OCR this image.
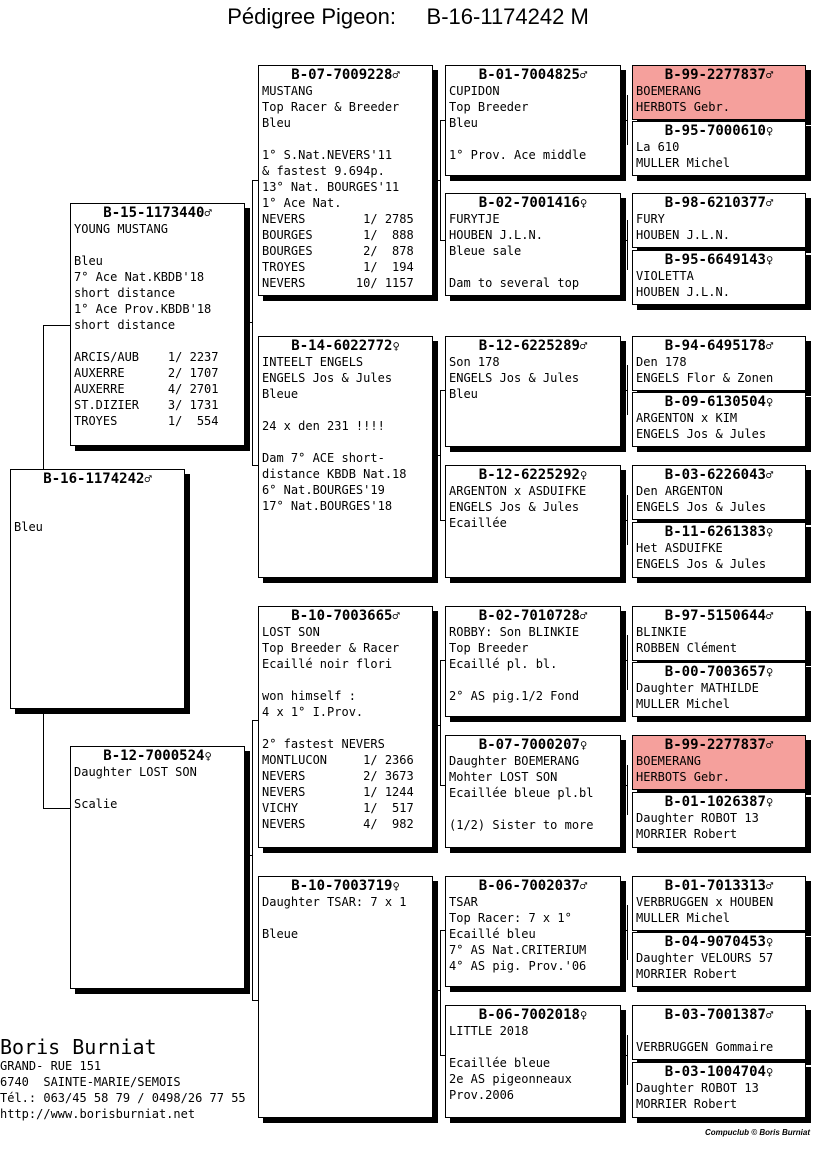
Pédigree Pigeon:     B-16-1174242 M
B-16-1174242♂
Bleu
B-15-1173440♂
YOUNG MUSTANG
Bleu
7° Ace Nat.KBDB'18
short distance
1° Ace Prov.KBDB'18
short distance
ARCIS/AUB    1/ 2237
AUXERRE      2/ 1707
AUXERRE      4/ 2701
ST.DIZIER    3/ 1731
TROYES       1/  554
B-12-7000524♀
Daughter LOST SON
Scalie
B-07-7009228♂
MUSTANG
Top Racer & Breeder
Bleu
1° S.Nat.NEVERS'11
& fastest 9.694p.
13° Nat. BOURGES'11
1° Ace Nat.
NEVERS        1/ 2785
BOURGES       1/  888
BOURGES       2/  878
TROYES        1/  194
NEVERS       10/ 1157
B-14-6022772♀
INTEELT ENGELS
ENGELS Jos & Jules
Bleue
24 x den 231 !!!!
Dam 7° ACE short-
distance KBDB Nat.18
6° Nat.BOURGES'19
17° Nat.BOURGES'18
B-10-7003665♂
LOST SON
Top Breeder & Racer
Ecaillé noir flori
won himself :
4 x 1° I.Prov.
2° fastest NEVERS
MONTLUCON     1/ 2366
NEVERS        2/ 3673
NEVERS        1/ 1244
VICHY         1/  517
NEVERS        4/  982
B-10-7003719♀
Daughter TSAR: 7 x 1
Bleue
B-01-7004825♂
CUPIDON
Top Breeder
Bleu
1° Prov. Ace middle
B-02-7001416♀
FURYTJE
HOUBEN J.L.N.
Bleue sale
Dam to several top
B-12-6225289♂
Son 178
ENGELS Jos & Jules
Bleu
B-12-6225292♀
ARGENTON x ASDUIFKE
ENGELS Jos & Jules
Ecaillée
B-02-7010728♂
ROBBY: Son BLINKIE
Top Breeder
Ecaillé pl. bl.
2° AS pig.1/2 Fond
B-07-7000207♀
Daughter BOEMERANG
Mohter LOST SON
Ecaillée bleue pl.bl
(1/2) Sister to more
B-06-7002037♂
TSAR
Top Racer: 7 x 1°
Ecaillé bleu
7° AS Nat.CRITERIUM
4° AS pig. Prov.'06
B-06-7002018♀
LITTLE 2018
Ecaillée bleue
2e AS pigeonneaux
Prov.2006
B-99-2277837♂
BOEMERANG
HERBOTS Gebr.
B-95-7000610♀
La 610
MULLER Michel
B-98-6210377♂
FURY
HOUBEN J.L.N.
B-95-6649143♀
VIOLETTA
HOUBEN J.L.N.
B-94-6495178♂
Den 178
ENGELS Flor & Zonen
B-09-6130504♀
ARGENTON x KIM
ENGELS Jos & Jules
B-03-6226043♂
Den ARGENTON
ENGELS Jos & Jules
B-11-6261383♀
Het ASDUIFKE
ENGELS Jos & Jules
B-97-5150644♂
BLINKIE
ROBBEN Clément
B-00-7003657♀
Daughter MATHILDE
MULLER Michel
B-99-2277837♂
BOEMERANG
HERBOTS Gebr.
B-01-1026387♀
Daughter ROBOT 13
MORRIER Robert
B-01-7013313♂
VERBRUGGEN x HOUBEN
MULLER Michel
B-04-9070453♀
Daughter VELOURS 57
MORRIER Robert
B-03-7001387♂
VERBRUGGEN Gommaire
B-03-1004704♀
Daughter ROBOT 13
MORRIER Robert
Boris Burniat
GRAND- RUE 151
6740  SAINTE-MARIE/SEMOIS
Tél.: 063/45 58 79 / 0498/26 77 55
http://www.borisburniat.net
Compuclub © Boris Burniat
